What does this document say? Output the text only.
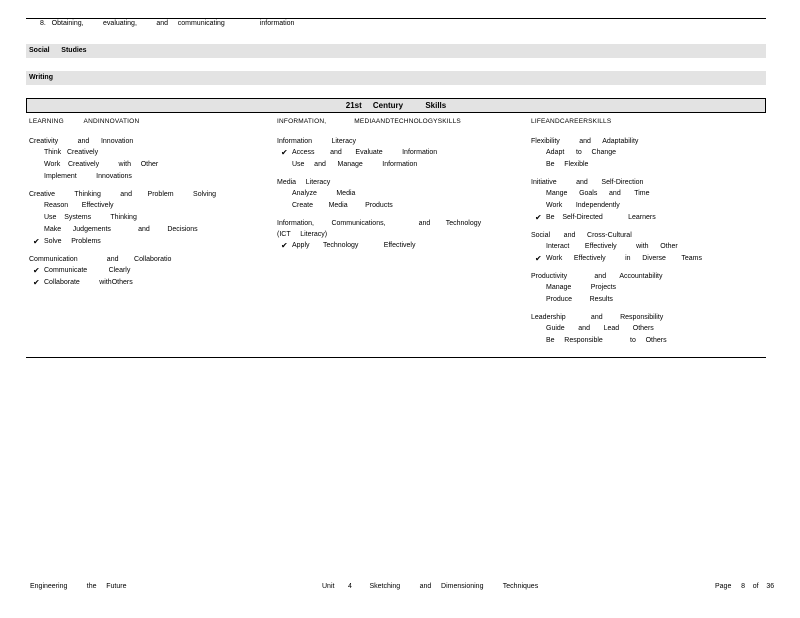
8.   Obtaining,          evaluating,          and     communicating                  information
Social      Studies
Writing
21st     Century          Skills
LEARNING          ANDINNOVATION
Creativity          and      Innovation
Think   Creatively
Work    Creatively          with     Other
Implement          Innovations
Creative          Thinking          and        Problem          Solving
Reason       Effectively
Use    Systems          Thinking
Make      Judgements              and         Decisions
✔ Solve     Problems
Communication               and        Collaboratio
✔ Communicate           Clearly
✔ Collaborate          withOthers
INFORMATION,              MEDIAANDTECHNOLOGYSKILLS
Information          Literacy
✔ Access        and       Evaluate          Information
Use     and      Manage          Information
Media     Literacy
Analyze          Media
Create        Media         Products
Information,         Communications,                 and        Technology
(ICT     Literacy)
✔ Apply       Technology             Effectively
LIFEANDCAREERSKILLS
Flexibility          and      Adaptability
Adapt      to     Change
Be     Flexible
Initiative          and       Self-Direction
Mange      Goals      and       Time
Work       Independently
✔ Be    Self-Directed             Learners
Social       and      Cross-Cultural
Interact        Effectively          with      Other
✔ Work      Effectively          in      Diverse        Teams
Productivity              and       Accountability
Manage          Projects
Produce         Results
Leadership             and         Responsibility
Guide       and       Lead       Others
Be     Responsible              to     Others
Engineering          the     Future	Unit       4         Sketching          and     Dimensioning          Techniques	Page     8    of    36
